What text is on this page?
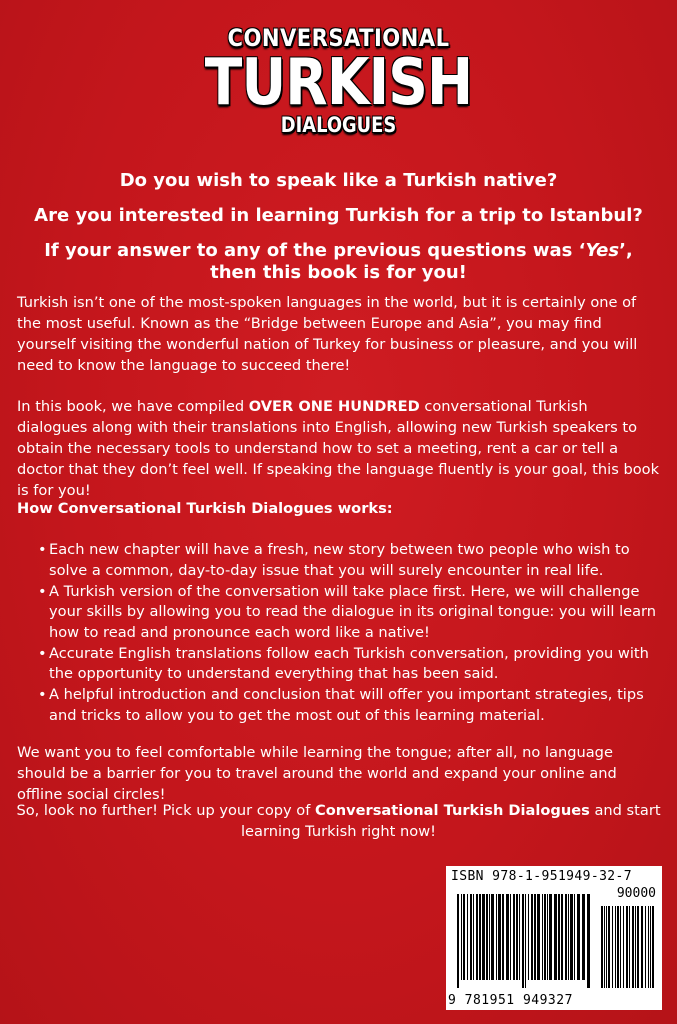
CONVERSATIONAL
TURKISH
DIALOGUES
Do you wish to speak like a Turkish native?
Are you interested in learning Turkish for a trip to Istanbul?
If your answer to any of the previous questions was ‘Yes’,
then this book is for you!
Turkish isn’t one of the most-spoken languages in the world, but it is certainly one of the most useful. Known as the “Bridge between Europe and Asia”, you may find yourself visiting the wonderful nation of Turkey for business or pleasure, and you will need to know the language to succeed there!
In this book, we have compiled OVER ONE HUNDRED conversational Turkish dialogues along with their translations into English, allowing new Turkish speakers to obtain the necessary tools to understand how to set a meeting, rent a car or tell a doctor that they don’t feel well. If speaking the language fluently is your goal, this book is for you!
How Conversational Turkish Dialogues works:
• Each new chapter will have a fresh, new story between two people who wish to solve a common, day-to-day issue that you will surely encounter in real life.
• A Turkish version of the conversation will take place first. Here, we will challenge your skills by allowing you to read the dialogue in its original tongue: you will learn how to read and pronounce each word like a native!
• Accurate English translations follow each Turkish conversation, providing you with the opportunity to understand everything that has been said.
• A helpful introduction and conclusion that will offer you important strategies, tips and tricks to allow you to get the most out of this learning material.
We want you to feel comfortable while learning the tongue; after all, no language should be a barrier for you to travel around the world and expand your online and offline social circles!
So, look no further! Pick up your copy of Conversational Turkish Dialogues and start learning Turkish right now!
ISBN 978-1-951949-32-7
90000
9 781951 949327
